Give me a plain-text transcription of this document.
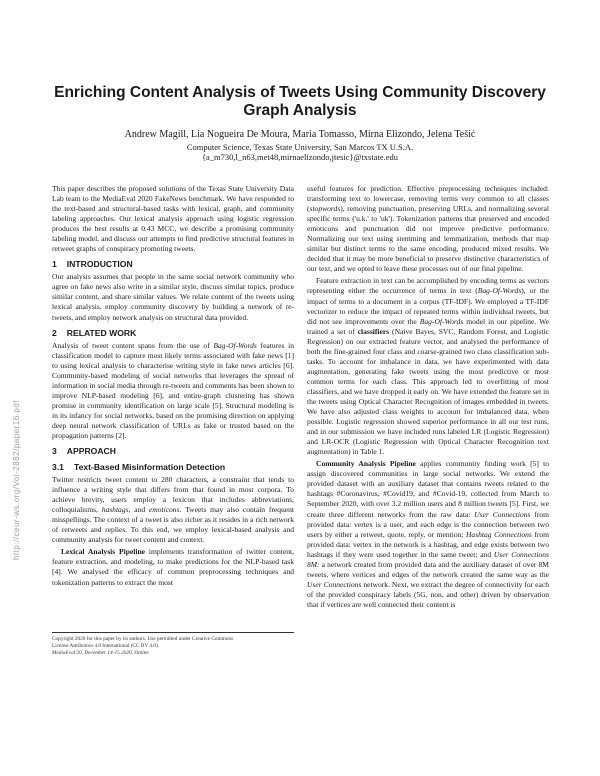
http://ceur-ws.org/Vol-2882/paper16.pdf
Enriching Content Analysis of Tweets Using Community Discovery Graph Analysis
Andrew Magill, Lia Nogueira De Moura, Maria Tomasso, Mirna Elizondo, Jelena Tešić
Computer Science, Texas State University, San Marcos TX U.S.A.
{a_m730,l_n63,met48,mirnaelizondo,jtesic}@txstate.edu

This paper describes the proposed solutions of the Texas State University Data Lab team to the MediaEval 2020 FakeNews benchmark. We have responded to the text-based and structural-based tasks with lexical, graph, and community labeling approaches. Our lexical analysis approach using logistic regression produces the best results at 0.43 MCC, we describe a promising community labeling model, and discuss our attempts to find predictive structural features in retweet graphs of conspiracy promoting tweets.

1 INTRODUCTION

Our analysis assumes that people in the same social network community who agree on fake news also write in a similar style, discuss similar topics, produce similar content, and share similar values. We relate content of the tweets using lexical analysis, employ community discovery by building a network of re-tweets, and employ network analysis on structural data provided.

2 RELATED WORK

Analysis of tweet content spans from the use of Bag-Of-Words features in classification model to capture most likely terms associated with fake news [1] to using lexical analysis to characterise writing style in fake news articles [6]. Community-based modeling of social networks that leverages the spread of information in social media through re-tweets and comments has been shown to improve NLP-based modeling [6], and entire-graph clustering has shown promise in community identification on large scale [5]. Structural modeling is in its infancy for social networks, based on the promising direction on applying deep neural network classification of URLs as fake or trusted based on the propagation patterns [2].

3 APPROACH
3.1 Text-Based Misinformation Detection

Twitter restricts tweet content to 280 characters, a constraint that tends to influence a writing style that differs from that found in most corpora. To achieve brevity, users employ a lexicon that includes abbreviations, colloquialisms, hashtags, and emoticons. Tweets may also contain frequent misspellings. The context of a tweet is also richer as it resides in a rich network of retweets and replies. To this end, we employ lexical-based analysis and community analysis for tweet content and context.

Lexical Analysis Pipeline implements transformation of twitter content, feature extraction, and modeling, to make predictions for the NLP-based task [4]. We analysed the efficacy of common preprocessing techniques and tokenization patterns to extract the most

Copyright 2020 for this paper by its authors. Use permitted under Creative Commons
License Attribution 4.0 International (CC BY 4.0).
MediaEval'20, December 14-15 2020, Online

useful features for prediction. Effective preprocessing techniques included: transforming text to lowercase, removing terms very common to all classes (stopwords), removing punctuation, preserving URLs, and normalizing several specific terms ('u.k.' to 'uk'). Tokenization patterns that preserved and encoded emoticons and punctuation did not improve predictive performance. Normalizing our text using stemming and lemmatization, methods that map similar but distinct terms to the same encoding, produced mixed results. We decided that it may be more beneficial to preserve distinctive characteristics of our text, and we opted to leave these processes out of our final pipeline.

Feature extraction in text can be accomplished by encoding terms as vectors representing either the occurrence of terms in text (Bag-Of-Words), or the impact of terms to a document in a corpus (TF-IDF). We employed a TF-IDF vectorizer to reduce the impact of repeated terms within individual tweets, but did not see improvements over the Bag-Of-Words model in our pipeline. We trained a set of classifiers (Naive Bayes, SVC, Random Forest, and Logistic Regression) on our extracted feature vector, and analysed the performance of both the fine-grained four class and coarse-grained two class classification sub-tasks. To account for imbalance in data, we have experimented with data augmentation, generating fake tweets using the most predictive or most common terms for each class. This approach led to overfitting of most classifiers, and we have dropped it early on. We have extended the feature set in the tweets using Optical Character Recognition of images embedded in tweets. We have also adjusted class weights to account for imbalanced data, when possible. Logistic regression showed superior performance in all our test runs, and in our submission we have included runs labeled LR (Logistic Regression) and LR-OCR (Logistic Regression with Optical Character Recognition text augmentation) in Table 1.

Community Analysis Pipeline applies community finding work [5] to assign discovered communities in large social networks. We extend the provided dataset with an auxiliary dataset that contains tweets related to the hashtags #Coronavirus, #Covid19, and #Covid-19, collected from March to September 2020, with over 3.2 million users and 8 million tweets [5]. First, we create three different networks from the raw data: User Connections from provided data: vertex is a user, and each edge is the connection between two users by either a retweet, quote, reply, or mention; Hashtag Connections from provided data: vertex in the network is a hashtag, and edge exists between two hashtags if they were used together in the same tweet; and User Connections 8M: a network created from provided data and the auxiliary dataset of over 8M tweets, where vertices and edges of the network created the same way as the User Connections network. Next, we extract the degree of connectivity for each of the provided conspiracy labels (5G, non, and other) driven by observation that if vertices are well connected their content is
